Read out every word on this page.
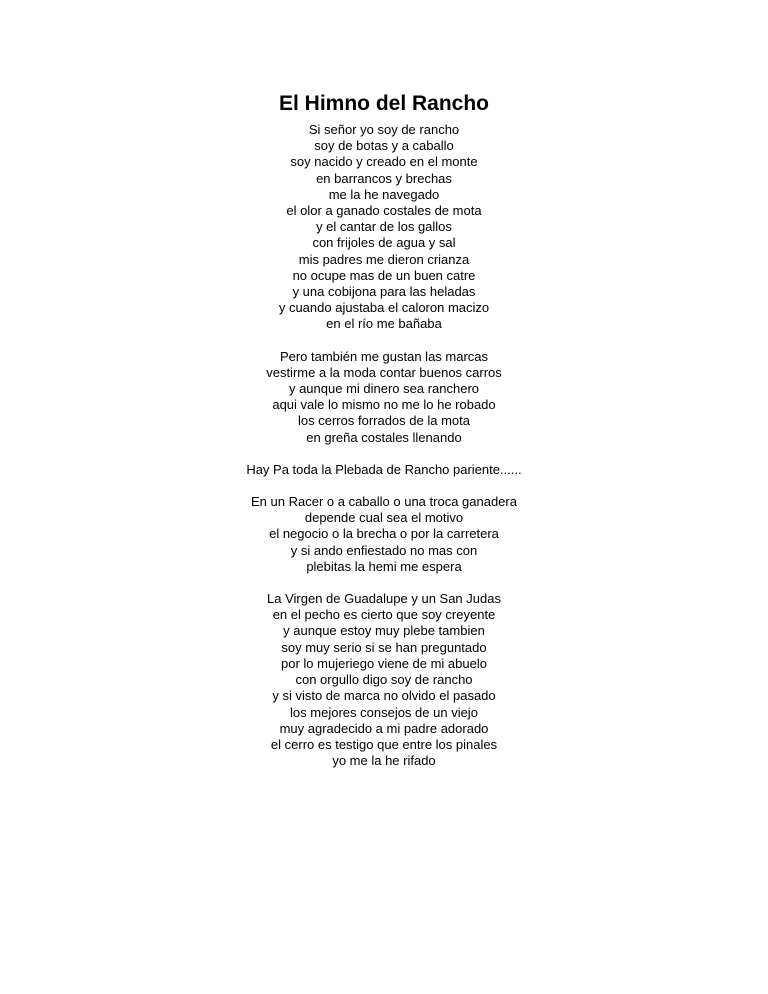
El Himno del Rancho
Si señor yo soy de rancho
soy de botas y a caballo
soy nacido y creado en el monte
en barrancos y brechas
me la he navegado
el olor a ganado costales de mota
y el cantar de los gallos
con frijoles de agua y sal
mis padres me dieron crianza
no ocupe mas de un buen catre
y una cobijona para las heladas
y cuando ajustaba el caloron macizo
en el río me bañaba
Pero también me gustan las marcas
vestirme a la moda contar buenos carros
y aunque mi dinero sea ranchero
aqui vale lo mismo no me lo he robado
los cerros forrados de la mota
en greña costales llenando
Hay Pa toda la Plebada de Rancho pariente......
En un Racer o a caballo o una troca ganadera
depende cual sea el motivo
el negocio o la brecha o por la carretera
y si ando enfiestado no mas con
plebitas la hemi me espera
La Virgen de Guadalupe y un San Judas
en el pecho es cierto que soy creyente
y aunque estoy muy plebe tambien
soy muy serio si se han preguntado
por lo mujeriego viene de mi abuelo
con orgullo digo soy de rancho
y si visto de marca no olvido el pasado
los mejores consejos de un viejo
muy agradecido a mi padre adorado
el cerro es testigo que entre los pinales
yo me la he rifado
